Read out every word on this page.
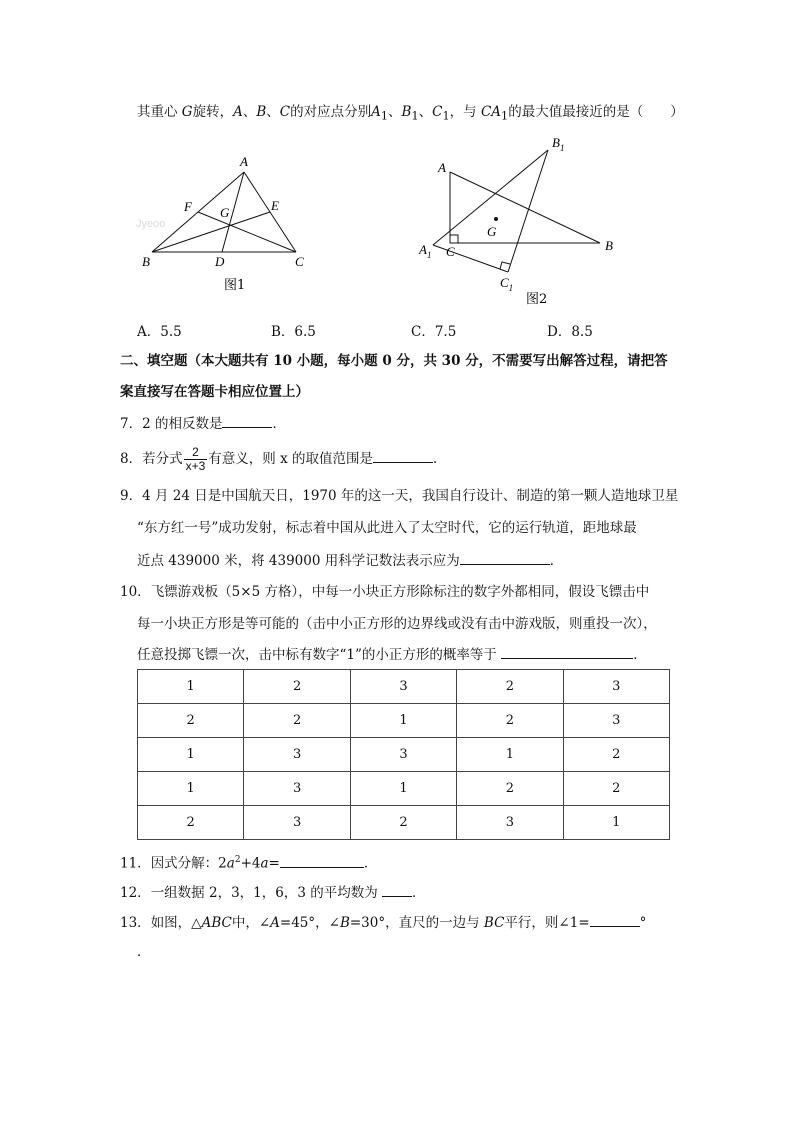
其重心 G旋转，A、B、C的对应点分别$A_1$、$B_1$、$C_1$，与 $CA_1$的最大值最接近的是（　　）
A
B	C
D
E
F G
图1
Jyeoo
A
B
$B_1$
$A_1$ C
$C_1$
G
图2
A．5.5	B．6.5	C．7.5	D．8.5
二、填空题（本大题共有 10 小题，每小题 0 分，共 30 分，不需要写出解答过程，请把答
案直接写在答题卡相应位置上）
7．2 的相反数是	．
8．若分式 $\frac{2}{x+3}$ 有意义，则 x 的取值范围是	．
9．4 月 24 日是中国航天日，1970 年的这一天，我国自行设计、制造的第一颗人造地球卫星
“东方红一号”成功发射，标志着中国从此进入了太空时代，它的运行轨道，距地球最
近点 439000 米，将 439000 用科学记数法表示应为	．
10．飞镖游戏板（5×5 方格），中每一小块正方形除标注的数字外都相同，假设飞镖击中
每一小块正方形是等可能的（击中小正方形的边界线或没有击中游戏版，则重投一次），
任意投掷飞镖一次，击中标有数字“1”的小正方形的概率等于	．
1	2	3	2	3
2	2	1	2	3
1	3	3	1	2
1	3	1	2	2
2	3	2	3	1
11．因式分解：$2a^2+4a=$	．
12．一组数据 2，3，1，6，3 的平均数为 ．
13．如图，△ABC中，∠A=45°，∠B=30°，直尺的一边与 BC平行，则∠1=	°
．
